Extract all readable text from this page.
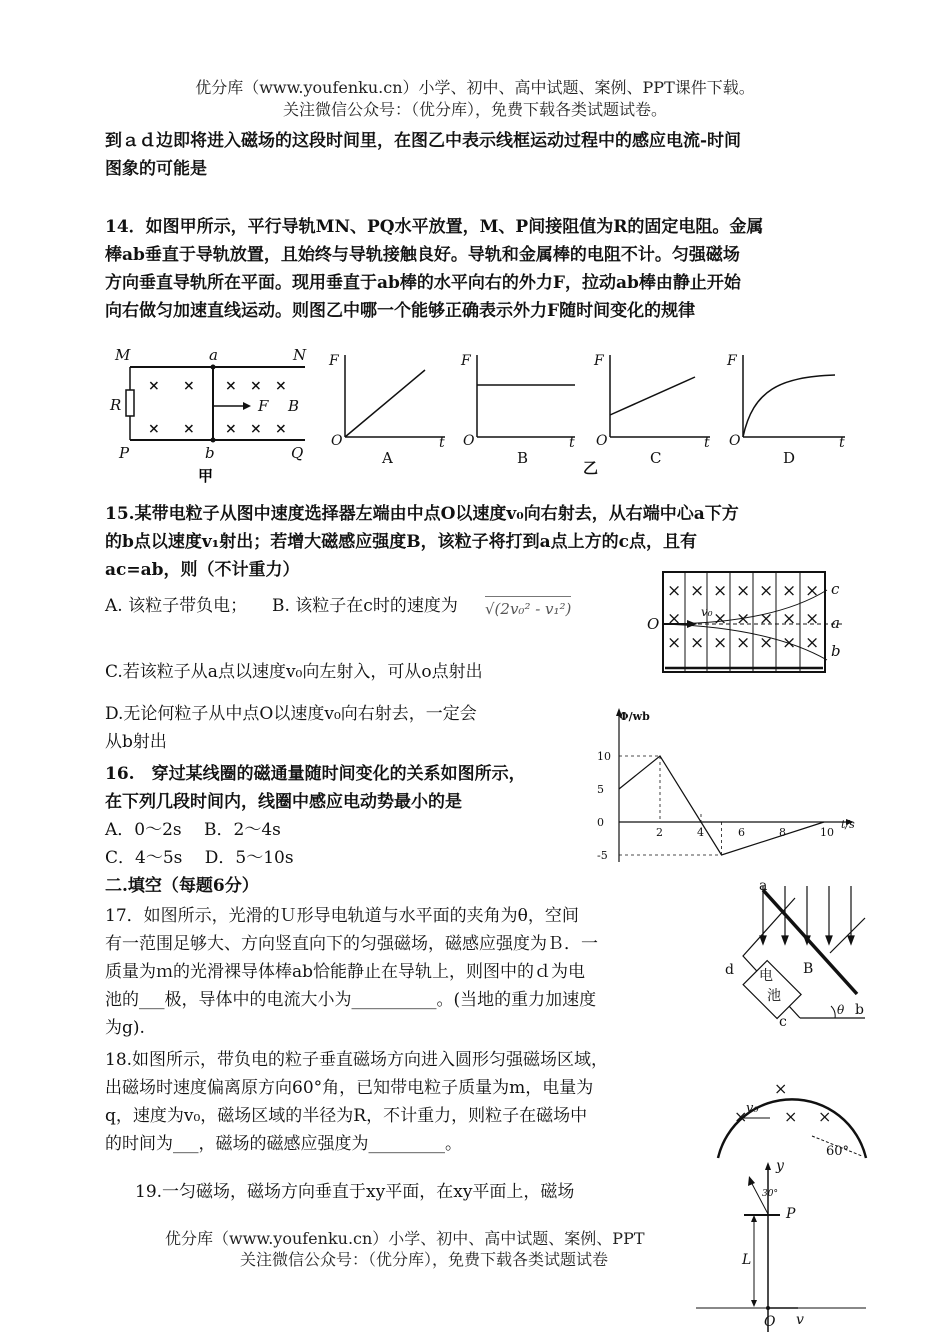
优分库（www.youfenku.cn）小学、初中、高中试题、案例、PPT课件下载。
关注微信公众号：（优分库），免费下载各类试题试卷。
到ａｄ边即将进入磁场的这段时间里，在图乙中表示线框运动过程中的感应电流-时间
图象的可能是
14．如图甲所示，平行导轨MN、PQ水平放置，M、P间接阻值为R的固定电阻。金属
棒ab垂直于导轨放置，且始终与导轨接触良好。导轨和金属棒的电阻不计。匀强磁场
方向垂直导轨所在平面。现用垂直于ab棒的水平向右的外力F，拉动ab棒由静止开始
向右做匀加速直线运动。则图乙中哪一个能够正确表示外力F随时间变化的规律
M	a	N
R	F B
P	b	Q
甲
× × × × ×
× × × × ×
F
O	t
F
O	t
F
O	t
F
O	t
A	B	C	D
乙
15.某带电粒子从图中速度选择器左端由中点O以速度v₀向右射去，从右端中心a下方
的b点以速度v₁射出；若增大磁感应强度B，该粒子将打到a点上方的c点，且有
ac=ab，则（不计重力）
A. 该粒子带负电； B. 该粒子在c时的速度为 √(2v₀² - v₁²)
C.若该粒子从a点以速度v₀向左射入，可从o点射出
D.无论何粒子从中点O以速度v₀向右射去，一定会
从b射出
× × × × × × ×
× × × × × ×
× × × × × × ×
O
v₀
c
a
b
16.　穿过某线圈的磁通量随时间变化的关系如图所示，
在下列几段时间内，线圈中感应电动势最小的是
A．0～2s　 B．2～4s
C．4～5s　 D．5～10s
Φ/wb
t/s
10
5
0
-5
2	4	6	8	10
二.填空（每题6分）
17．如图所示，光滑的Ｕ形导电轨道与水平面的夹角为θ，空间
有一范围足够大、方向竖直向下的匀强磁场，磁感应强度为Ｂ．一
质量为ｍ的光滑裸导体棒ab恰能静止在导轨上，则图中的ｄ为电
池的___极，导体中的电流大小为__________。(当地的重力加速度
为g).
a
b
c
d	B
电
池
θ
18.如图所示，带负电的粒子垂直磁场方向进入圆形匀强磁场区域，
出磁场时速度偏离原方向60°角，已知带电粒子质量为m，电量为
q，速度为v₀，磁场区域的半径为R，不计重力，则粒子在磁场中
的时间为___，磁场的磁感应强度为_________。
×
× × ×
v₀
60°
19.一匀磁场，磁场方向垂直于xy平面，在xy平面上，磁场
y
P
L
O v
30°
优分库（www.youfenku.cn）小学、初中、高中试题、案例、PPT
关注微信公众号：（优分库），免费下载各类试题试卷
